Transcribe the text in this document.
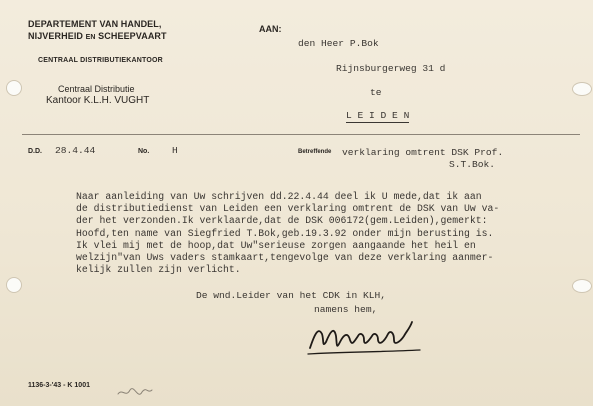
DEPARTEMENT VAN HANDEL,
NIJVERHEID EN SCHEEPVAART
CENTRAAL DISTRIBUTIEKANTOOR
Centraal Distributie
Kantoor K.L.H. VUGHT
AAN:
den Heer P.Bok
Rijnsburgerweg 31 d
te
L E I D E N
D.D. 28.4.44	No. H	Betreffende verklaring omtrent DSK Prof.
S.T.Bok.
Naar aanleiding van Uw schrijven dd.22.4.44 deel ik U mede,dat ik aan
de distributiedienst van Leiden een verklaring omtrent de DSK van Uw va-
der het verzonden.Ik verklaarde,dat de DSK 006172(gem.Leiden),gemerkt:
Hoofd,ten name van Siegfried T.Bok,geb.19.3.92 onder mijn berusting is.
Ik vlei mij met de hoop,dat Uw"serieuse zorgen aangaande het heil en
welzijn"van Uws vaders stamkaart,tengevolge van deze verklaring aanmer-
kelijk zullen zijn verlicht.
De wnd.Leider van het CDK in KLH,
namens hem,
1136-3-'43 - K 1001
